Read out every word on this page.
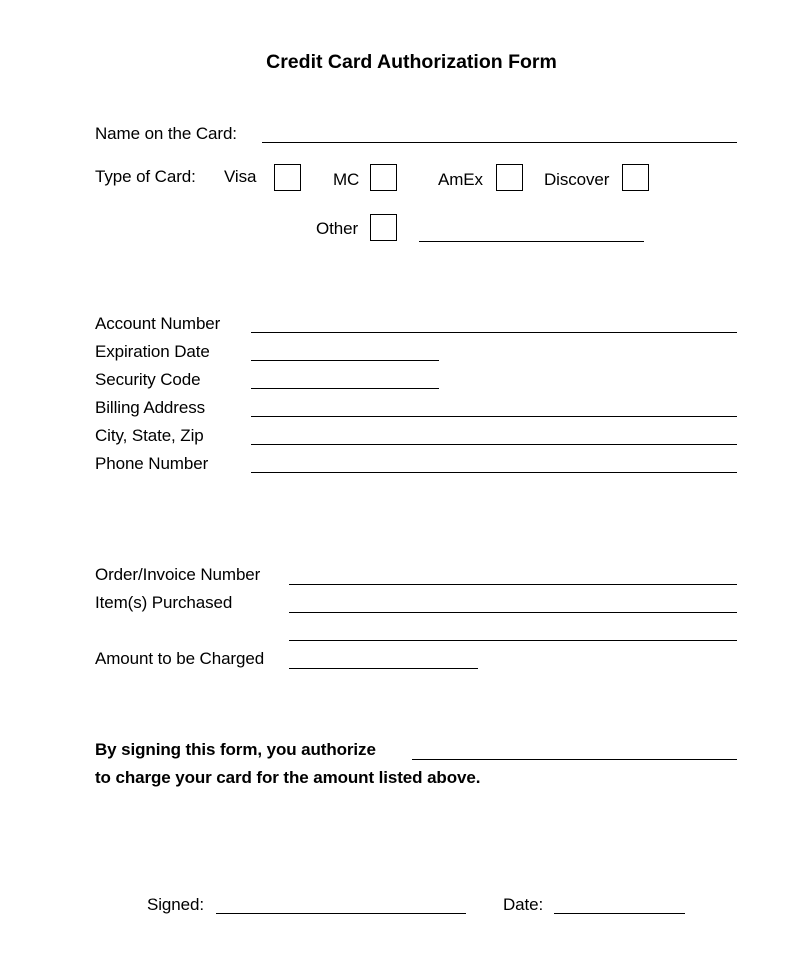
Credit Card Authorization Form
Name on the Card:
Type of Card: Visa	MC	AmEx	Discover
Other
Account Number
Expiration Date
Security Code
Billing Address
City, State, Zip
Phone Number
Order/Invoice Number
Item(s) Purchased
Amount to be Charged
By signing this form, you authorize
to charge your card for the amount listed above.
Signed:	Date:
